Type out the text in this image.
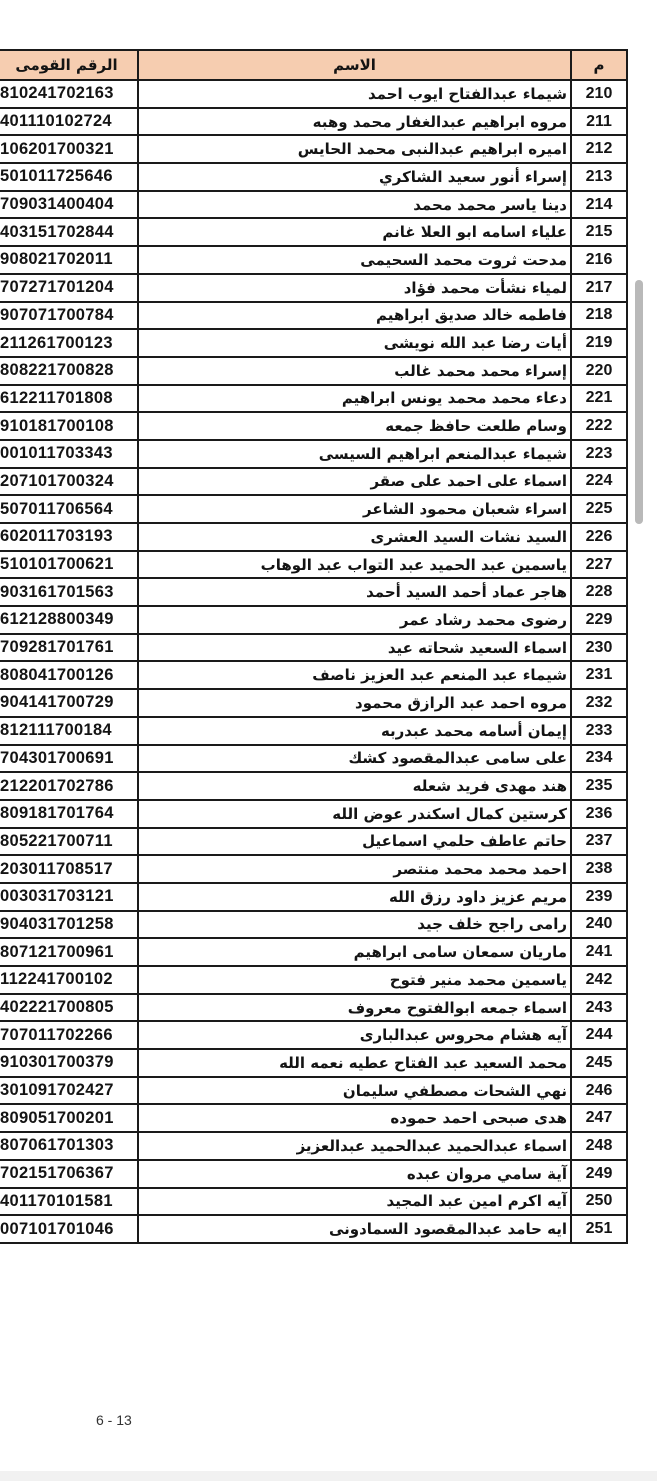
م	الاسم	الرقم القومى
210	شيماء عبدالفتاح ايوب احمد	810241702163
211	مروه ابراهيم عبدالغفار محمد وهبه	401110102724
212	اميره ابراهيم عبدالنبى محمد الحايس	106201700321
213	إسراء أنور سعيد الشاكري	501011725646
214	دينا ياسر محمد محمد	709031400404
215	علياء اسامه ابو العلا غانم	403151702844
216	مدحت ثروت محمد السحيمى	908021702011
217	لمياء نشأت محمد فؤاد	707271701204
218	فاطمه خالد صديق ابراهيم	907071700784
219	أيات رضا عبد الله نويشى	211261700123
220	إسراء محمد محمد غالب	808221700828
221	دعاء محمد محمد يونس ابراهيم	612211701808
222	وسام طلعت حافظ جمعه	910181700108
223	شيماء عبدالمنعم ابراهيم السيسى	001011703343
224	اسماء على احمد على صقر	207101700324
225	اسراء شعبان محمود الشاعر	507011706564
226	السيد نشات السيد العشرى	602011703193
227	ياسمين عبد الحميد عبد التواب عبد الوهاب	510101700621
228	هاجر عماد أحمد السيد أحمد	903161701563
229	رضوى محمد رشاد عمر	612128800349
230	اسماء السعيد شحاته عيد	709281701761
231	شيماء عبد المنعم عبد العزيز ناصف	808041700126
232	مروه احمد عبد الرازق محمود	904141700729
233	إيمان أسامه محمد عبدربه	812111700184
234	على سامى عبدالمقصود كشك	704301700691
235	هند مهدى فريد شعله	212201702786
236	كرستين كمال اسكندر عوض الله	809181701764
237	حاتم عاطف حلمي اسماعيل	805221700711
238	احمد محمد محمد منتصر	203011708517
239	مريم عزيز داود رزق الله	003031703121
240	رامى راجح خلف جيد	904031701258
241	ماريان سمعان سامى ابراهيم	807121700961
242	ياسمين محمد منير فتوح	112241700102
243	اسماء جمعه ابوالفتوح معروف	402221700805
244	آيه هشام محروس عبدالبارى	707011702266
245	محمد السعيد عبد الفتاح عطيه نعمه الله	910301700379
246	نهي الشحات مصطفي سليمان	301091702427
247	هدى صبحى احمد حموده	809051700201
248	اسماء عبدالحميد عبدالحميد عبدالعزيز	807061701303
249	آية سامي مروان عبده	702151706367
250	آيه اكرم امين عبد المجيد	401170101581
251	ايه حامد عبدالمقصود السمادونى	007101701046
6 - 13
